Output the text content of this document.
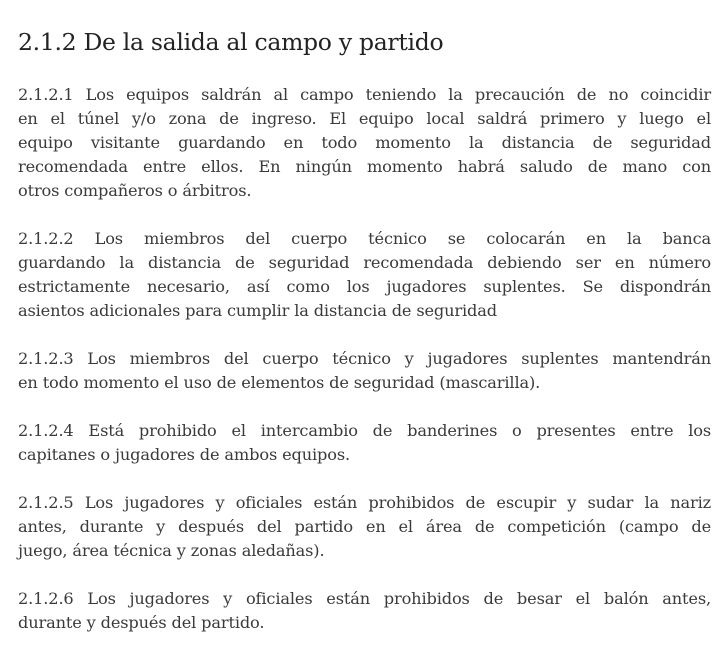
2.1.2 De la salida al campo y partido

2.1.2.1 Los equipos saldrán al campo teniendo la precaución de no coincidir
en el túnel y/o zona de ingreso. El equipo local saldrá primero y luego el
equipo visitante guardando en todo momento la distancia de seguridad
recomendada entre ellos. En ningún momento habrá saludo de mano con
otros compañeros o árbitros.

2.1.2.2 Los miembros del cuerpo técnico se colocarán en la banca
guardando la distancia de seguridad recomendada debiendo ser en número
estrictamente necesario, así como los jugadores suplentes. Se dispondrán
asientos adicionales para cumplir la distancia de seguridad

2.1.2.3 Los miembros del cuerpo técnico y jugadores suplentes mantendrán
en todo momento el uso de elementos de seguridad (mascarilla).

2.1.2.4 Está prohibido el intercambio de banderines o presentes entre los
capitanes o jugadores de ambos equipos.

2.1.2.5 Los jugadores y oficiales están prohibidos de escupir y sudar la nariz
antes, durante y después del partido en el área de competición (campo de
juego, área técnica y zonas aledañas).

2.1.2.6 Los jugadores y oficiales están prohibidos de besar el balón antes,
durante y después del partido.
